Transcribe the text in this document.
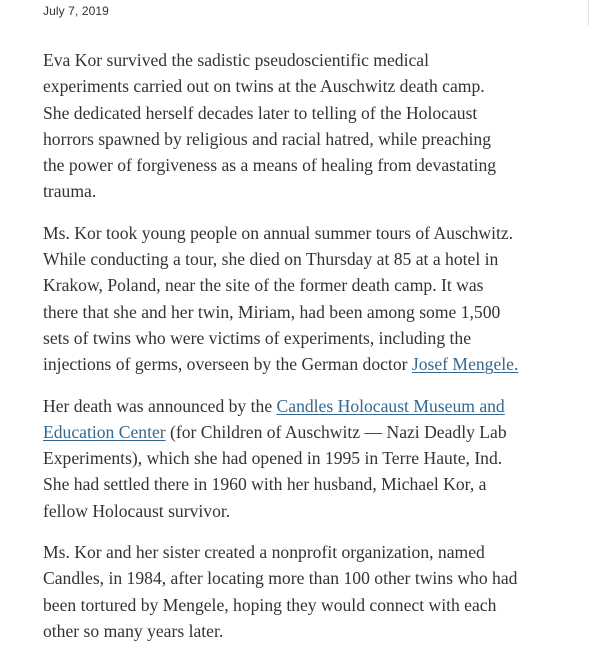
July 7, 2019

Eva Kor survived the sadistic pseudoscientific medical
experiments carried out on twins at the Auschwitz death camp.
She dedicated herself decades later to telling of the Holocaust
horrors spawned by religious and racial hatred, while preaching
the power of forgiveness as a means of healing from devastating
trauma.

Ms. Kor took young people on annual summer tours of Auschwitz.
While conducting a tour, she died on Thursday at 85 at a hotel in
Krakow, Poland, near the site of the former death camp. It was
there that she and her twin, Miriam, had been among some 1,500
sets of twins who were victims of experiments, including the
injections of germs, overseen by the German doctor Josef Mengele.

Her death was announced by the Candles Holocaust Museum and
Education Center (for Children of Auschwitz — Nazi Deadly Lab
Experiments), which she had opened in 1995 in Terre Haute, Ind.
She had settled there in 1960 with her husband, Michael Kor, a
fellow Holocaust survivor.

Ms. Kor and her sister created a nonprofit organization, named
Candles, in 1984, after locating more than 100 other twins who had
been tortured by Mengele, hoping they would connect with each
other so many years later.
